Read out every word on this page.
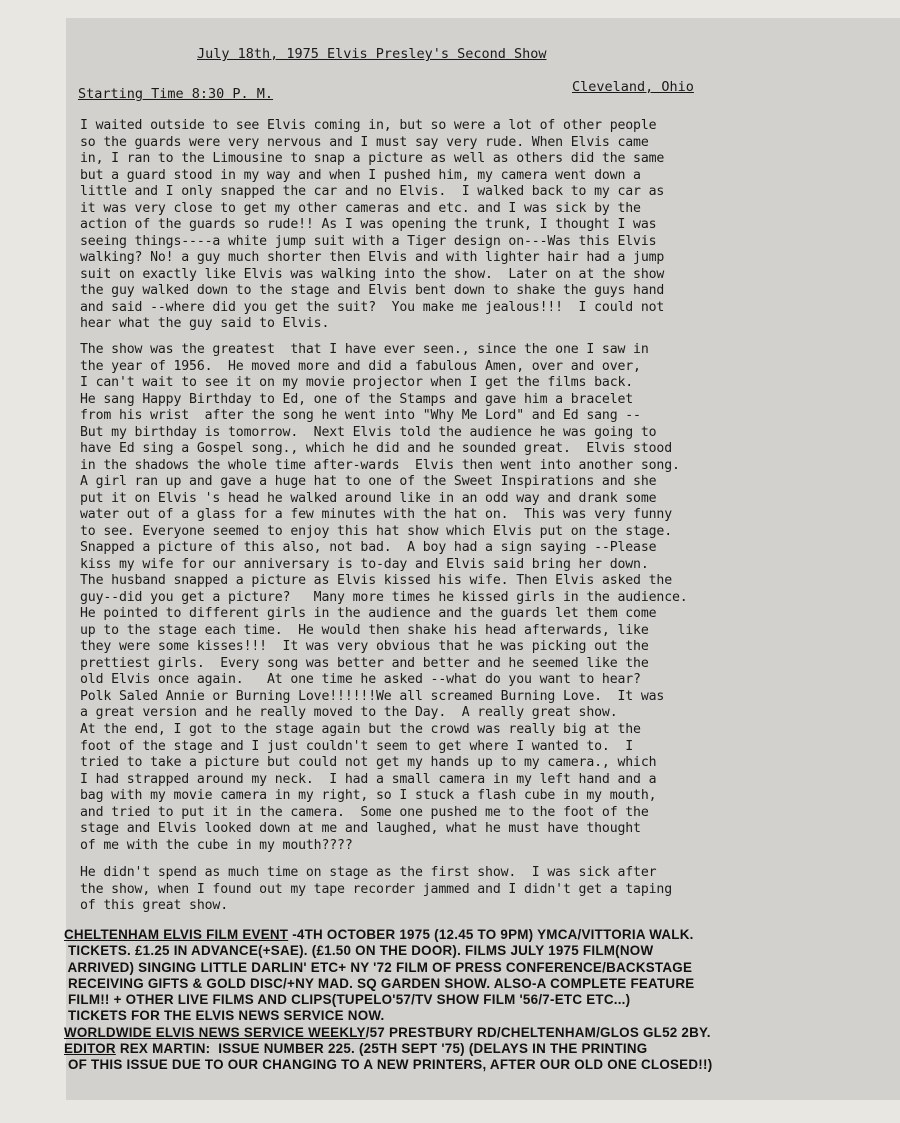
July 18th, 1975 Elvis Presley's Second Show
Starting Time 8:30 P. M.	Cleveland, Ohio
I waited outside to see Elvis coming in, but so were a lot of other people
so the guards were very nervous and I must say very rude. When Elvis came
in, I ran to the Limousine to snap a picture as well as others did the same
but a guard stood in my way and when I pushed him, my camera went down a
little and I only snapped the car and no Elvis.  I walked back to my car as
it was very close to get my other cameras and etc. and I was sick by the
action of the guards so rude!! As I was opening the trunk, I thought I was
seeing things----a white jump suit with a Tiger design on---Was this Elvis
walking? No! a guy much shorter then Elvis and with lighter hair had a jump
suit on exactly like Elvis was walking into the show.  Later on at the show
the guy walked down to the stage and Elvis bent down to shake the guys hand
and said --where did you get the suit?  You make me jealous!!!  I could not
hear what the guy said to Elvis.
The show was the greatest  that I have ever seen., since the one I saw in
the year of 1956.  He moved more and did a fabulous Amen, over and over,
I can't wait to see it on my movie projector when I get the films back.
He sang Happy Birthday to Ed, one of the Stamps and gave him a bracelet
from his wrist  after the song he went into "Why Me Lord" and Ed sang --
But my birthday is tomorrow.  Next Elvis told the audience he was going to
have Ed sing a Gospel song., which he did and he sounded great.  Elvis stood
in the shadows the whole time after-wards  Elvis then went into another song.
A girl ran up and gave a huge hat to one of the Sweet Inspirations and she
put it on Elvis 's head he walked around like in an odd way and drank some
water out of a glass for a few minutes with the hat on.  This was very funny
to see. Everyone seemed to enjoy this hat show which Elvis put on the stage.
Snapped a picture of this also, not bad.  A boy had a sign saying --Please
kiss my wife for our anniversary is to-day and Elvis said bring her down.
The husband snapped a picture as Elvis kissed his wife. Then Elvis asked the
guy--did you get a picture?   Many more times he kissed girls in the audience.
He pointed to different girls in the audience and the guards let them come
up to the stage each time.  He would then shake his head afterwards, like
they were some kisses!!!  It was very obvious that he was picking out the
prettiest girls.  Every song was better and better and he seemed like the
old Elvis once again.   At one time he asked --what do you want to hear?
Polk Saled Annie or Burning Love!!!!!!We all screamed Burning Love.  It was
a great version and he really moved to the Day.  A really great show.
At the end, I got to the stage again but the crowd was really big at the
foot of the stage and I just couldn't seem to get where I wanted to.  I
tried to take a picture but could not get my hands up to my camera., which
I had strapped around my neck.  I had a small camera in my left hand and a
bag with my movie camera in my right, so I stuck a flash cube in my mouth,
and tried to put it in the camera.  Some one pushed me to the foot of the
stage and Elvis looked down at me and laughed, what he must have thought
of me with the cube in my mouth????
He didn't spend as much time on stage as the first show.  I was sick after
the show, when I found out my tape recorder jammed and I didn't get a taping
of this great show.
CHELTENHAM ELVIS FILM EVENT -4TH OCTOBER 1975 (12.45 TO 9PM) YMCA/VITTORIA WALK.
TICKETS. £1.25 IN ADVANCE(+SAE). (£1.50 ON THE DOOR). FILMS JULY 1975 FILM(NOW
ARRIVED) SINGING LITTLE DARLIN' ETC+ NY '72 FILM OF PRESS CONFERENCE/BACKSTAGE
RECEIVING GIFTS & GOLD DISC/+NY MAD. SQ GARDEN SHOW. ALSO-A COMPLETE FEATURE
FILM!! + OTHER LIVE FILMS AND CLIPS(TUPELO'57/TV SHOW FILM '56/7-ETC ETC...)
TICKETS FOR THE ELVIS NEWS SERVICE NOW.
WORLDWIDE ELVIS NEWS SERVICE WEEKLY/57 PRESTBURY RD/CHELTENHAM/GLOS GL52 2BY.
EDITOR REX MARTIN:  ISSUE NUMBER 225. (25TH SEPT '75) (DELAYS IN THE PRINTING
OF THIS ISSUE DUE TO OUR CHANGING TO A NEW PRINTERS, AFTER OUR OLD ONE CLOSED!!)
